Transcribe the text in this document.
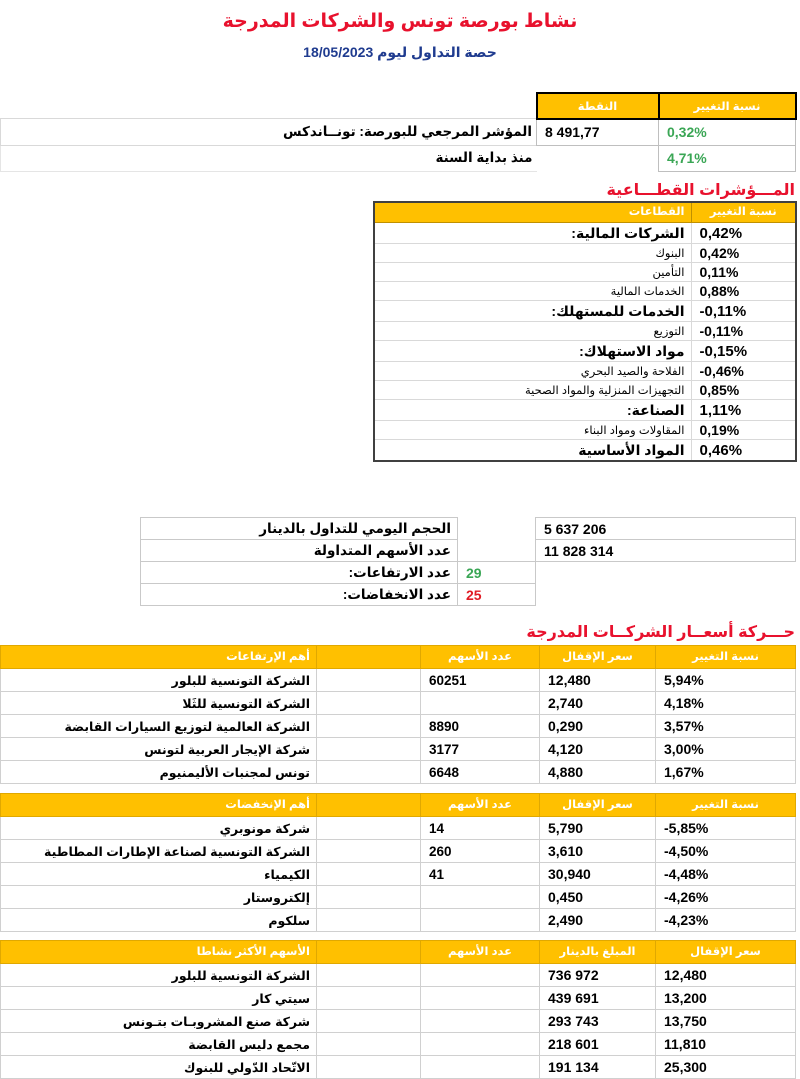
نشاط بورصة تونس والشركات المدرجة
حصة التداول ليوم 18/05/2023
نسبة التغيير	النقطة	
0,32%	8 491,77	المؤشر المرجعي للبورصة: تونــاندكس
4,71%		منذ بداية السنة
المـــؤشرات القطـــاعية
نسبة التغيير	القطاعات
0,42%	الشركات المالية:
0,42%	البنوك
0,11%	التأمين
0,88%	الخدمات المالية
-0,11%	الخدمات للمستهلك:
-0,11%	التوزيع
-0,15%	مواد الاستهلاك:
-0,46%	الفلاحة والصيد البحري
0,85%	التجهيزات المنزلية والمواد الصحية
1,11%	الصناعة:
0,19%	المقاولات ومواد البناء
0,46%	المواد الأساسية
5 637 206		الحجم اليومي للتداول بالدينار
11 828 314		عدد الأسهم المتداولة
	29	عدد الارتفاعات:
	25	عدد الانخفاضات:
حـــركة أسعــار الشركــات المدرجة
نسبة التغيير	سعر الإقفال	عدد الأسهم		أهم الإرتفاعات
5,94%	12,480	60251		الشركة التونسية للبلور
4,18%	2,740			الشركة التونسية للثَلا
3,57%	0,290	8890		الشركة العالمية لتوزيع السيارات القابضة
3,00%	4,120	3177		شركة الإيجار العربية لتونس
1,67%	4,880	6648		تونس لمجنبات الأليمنيوم
نسبة التغيير	سعر الإقفال	عدد الأسهم		أهم الإنخفضات
-5,85%	5,790	14		شركة مونوبري
-4,50%	3,610	260		الشركة التونسية لصناعة الإطارات المطاطية
-4,48%	30,940	41		الكيمياء
-4,26%	0,450			إلكتروستار
-4,23%	2,490			سلكوم
سعر الإقفال	المبلغ بالدينار	عدد الأسهم		الأسهم الأكثر نشاطا
12,480	736 972			الشركة التونسية للبلور
13,200	439 691			سيتي كار
13,750	293 743			شركة صنع المشروبـات بتـونس
11,810	218 601			مجمع دليس القابضة
25,300	191 134			الاتّحاد الدّولي للبنوك
